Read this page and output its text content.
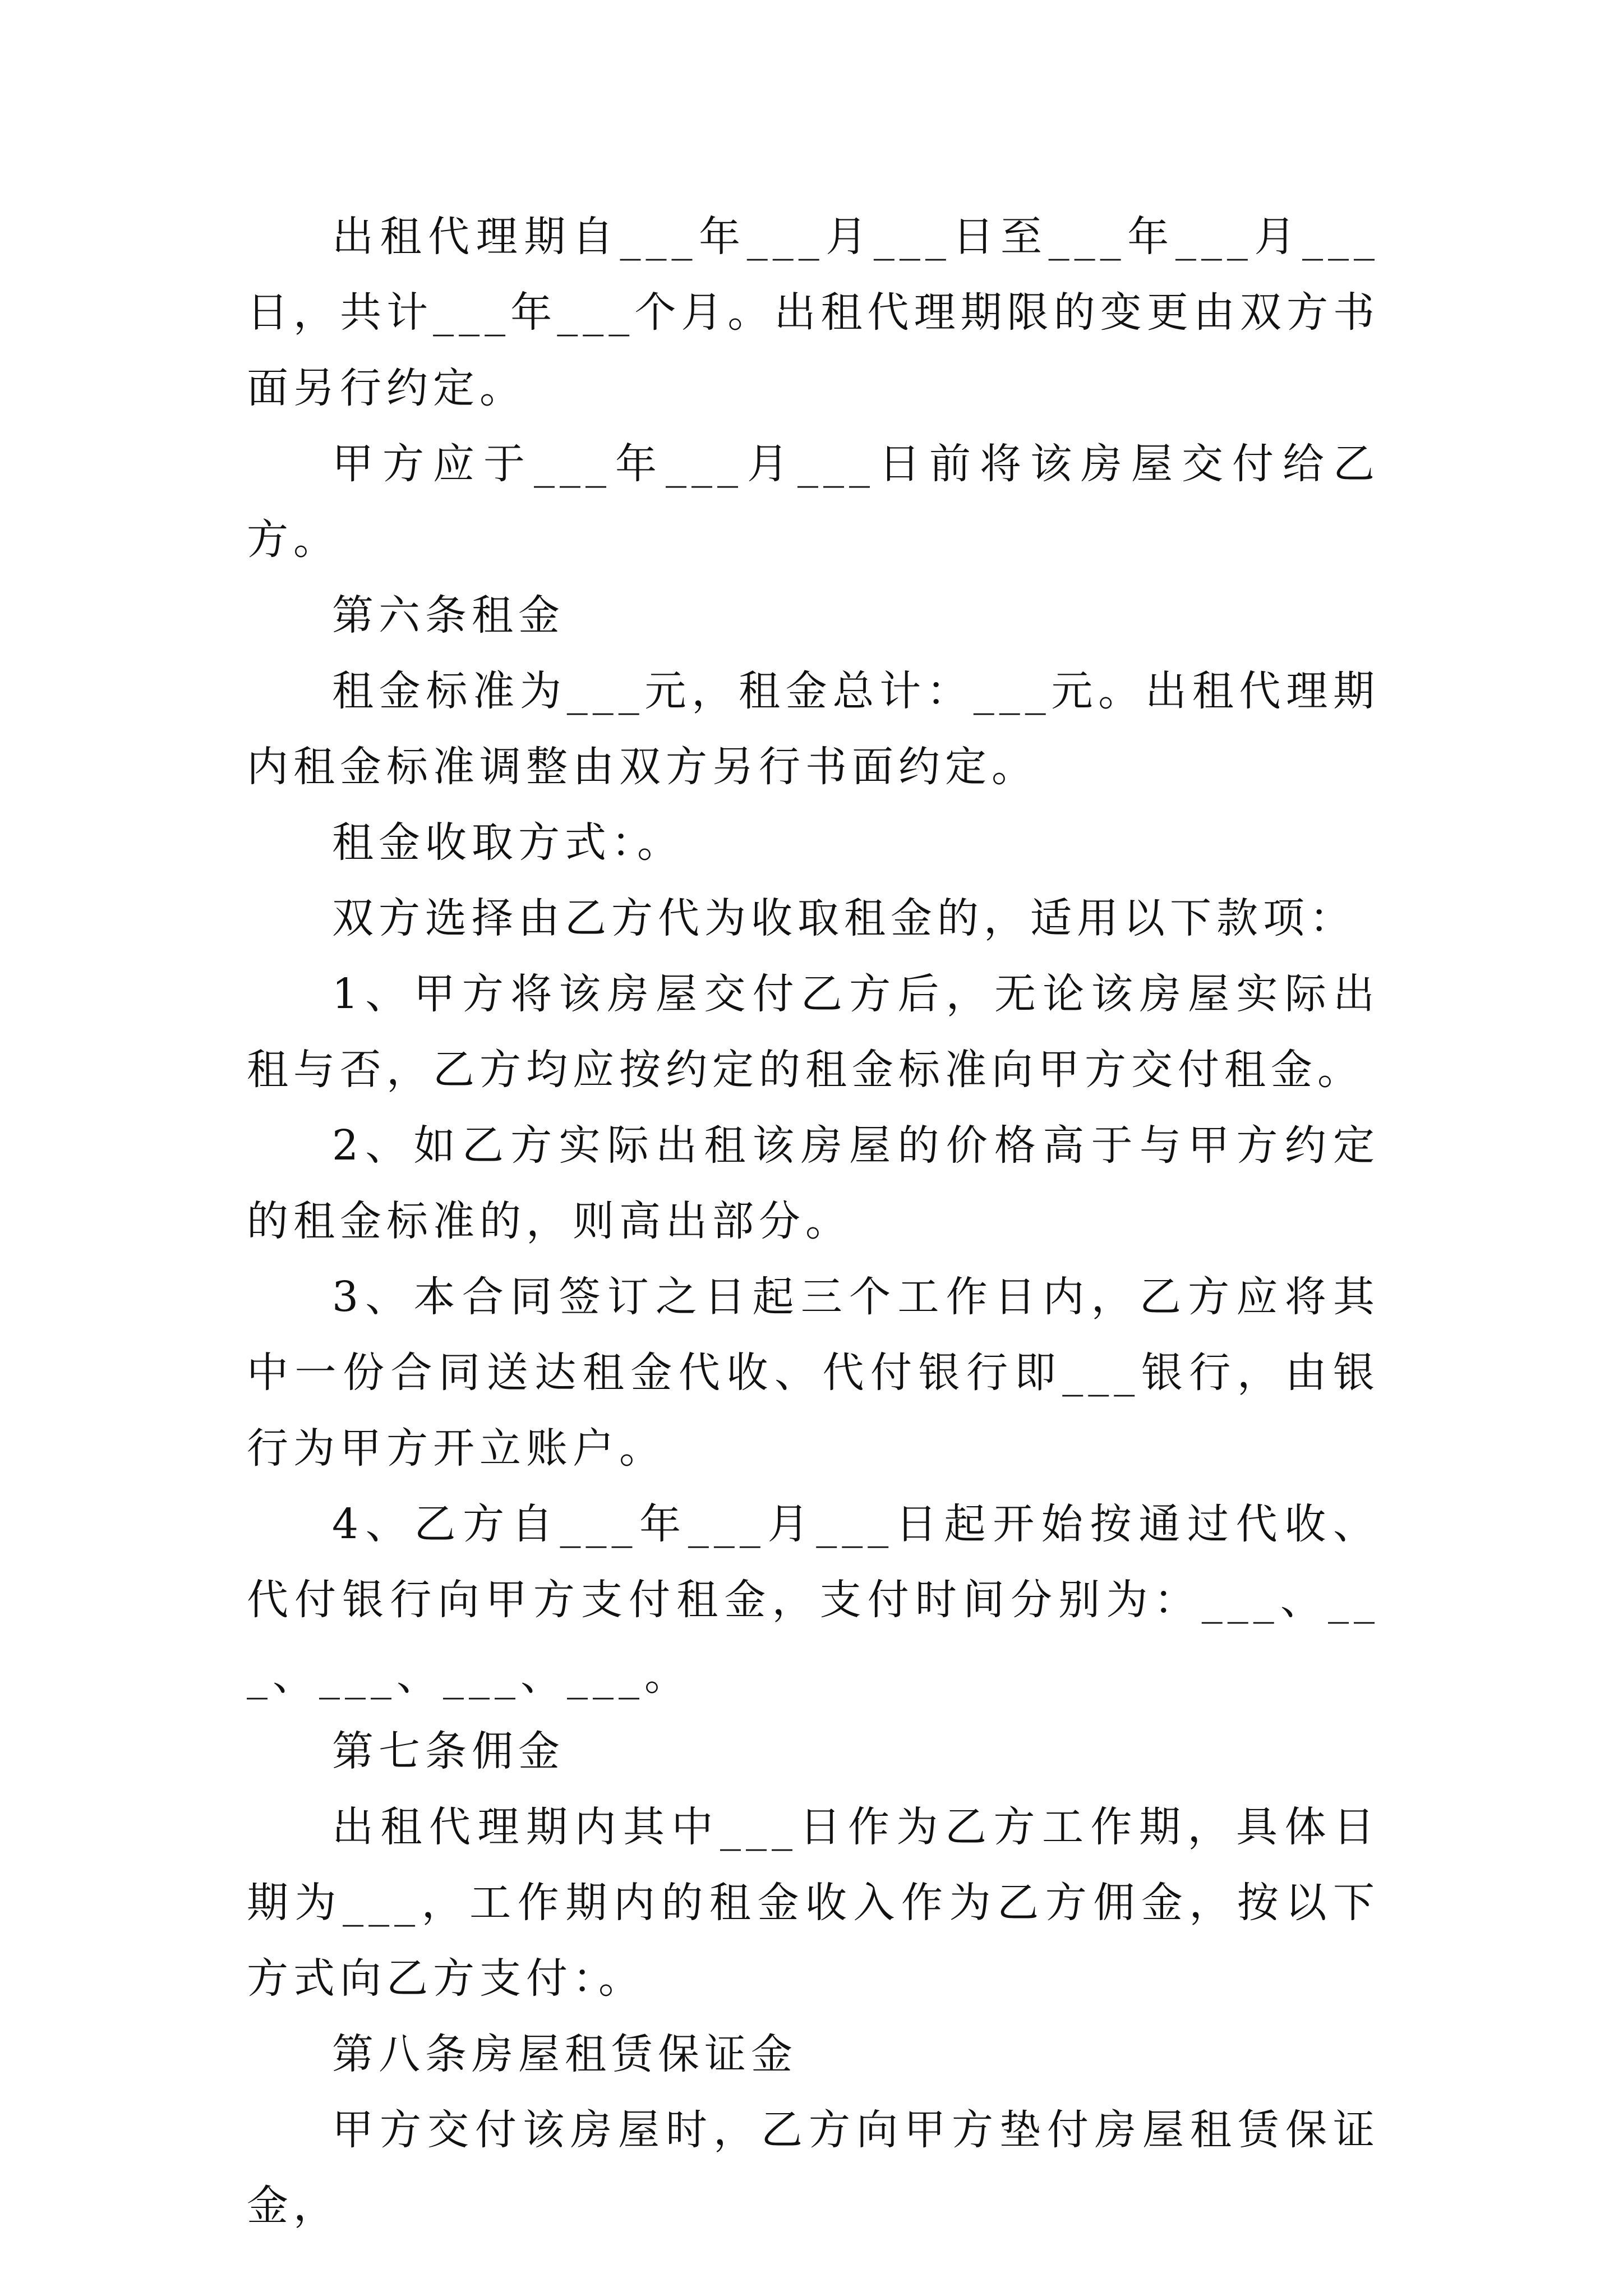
出租代理期自___年___月___日至___年___月___日，共计___年___个月。出租代理期限的变更由双方书面另行约定。

甲方应于___年___月___日前将该房屋交付给乙方。

第六条租金

租金标准为___元，租金总计：___元。出租代理期内租金标准调整由双方另行书面约定。

租金收取方式：。

双方选择由乙方代为收取租金的，适用以下款项：

1、甲方将该房屋交付乙方后，无论该房屋实际出租与否，乙方均应按约定的租金标准向甲方交付租金。

2、如乙方实际出租该房屋的价格高于与甲方约定的租金标准的，则高出部分。

3、本合同签订之日起三个工作日内，乙方应将其中一份合同送达租金代收、代付银行即___银行，由银行为甲方开立账户。

4、乙方自___年___月___日起开始按通过代收、代付银行向甲方支付租金，支付时间分别为：___、___、___、___、___。

第七条佣金

出租代理期内其中___日作为乙方工作期，具体日期为___，工作期内的租金收入作为乙方佣金，按以下方式向乙方支付：。

第八条房屋租赁保证金

甲方交付该房屋时，乙方向甲方垫付房屋租赁保证金，
